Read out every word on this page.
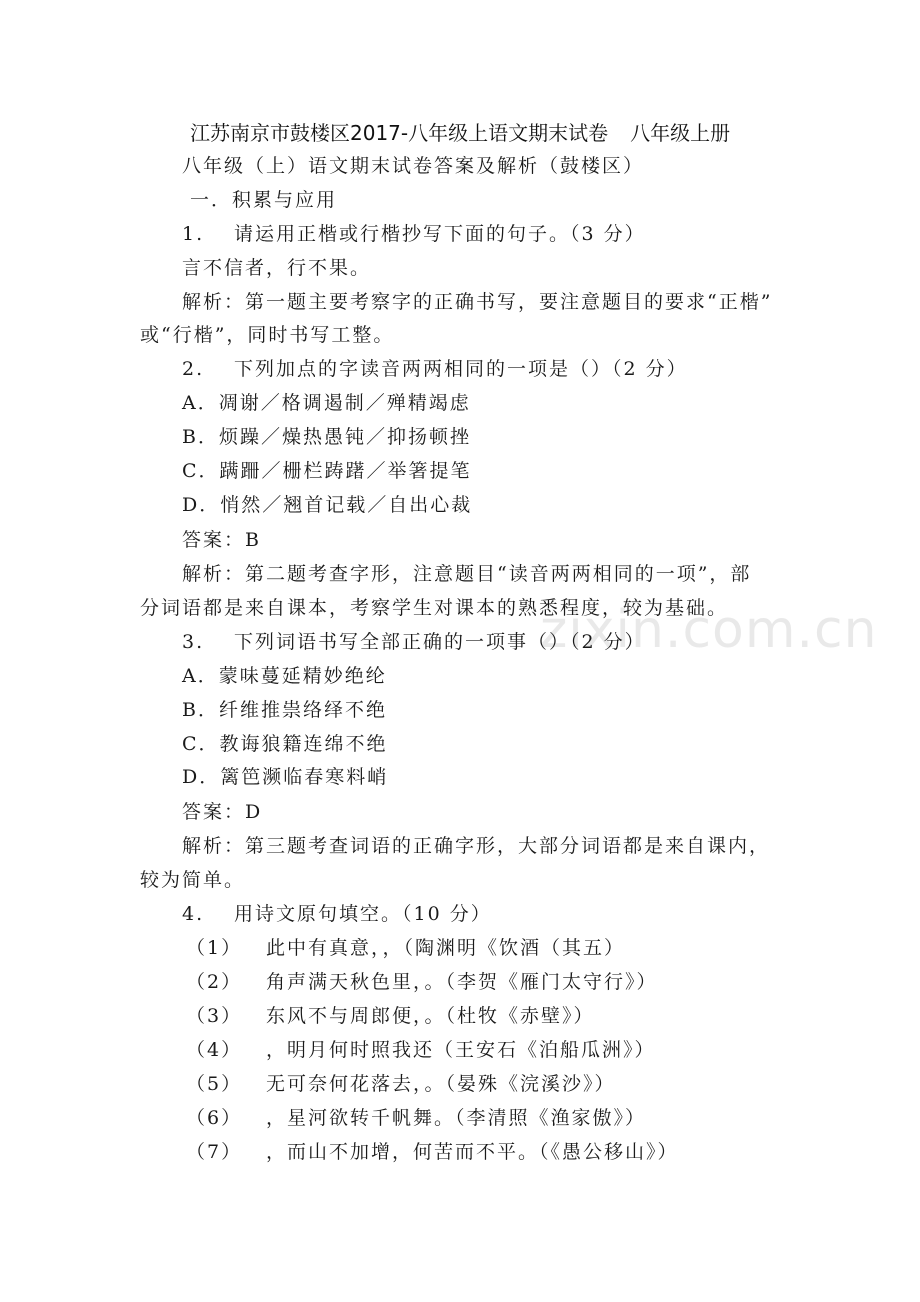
江苏南京市鼓楼区2017-八年级上语文期末试卷 八年级上册
zixin.com.cn
八年级（上）语文期末试卷答案及解析（鼓楼区）
一．积累与应用
1. 请运用正楷或行楷抄写下面的句子。（3 分）
言不信者，行不果。
解析：第一题主要考察字的正确书写，要注意题目的要求“正楷”
或“行楷”，同时书写工整。
2. 下列加点的字读音两两相同的一项是（）（2 分）
A．凋谢／格调遏制／殚精竭虑
B．烦躁／燥热愚钝／抑扬顿挫
C．蹒跚／栅栏踌躇／举箸提笔
D．悄然／翘首记载／自出心裁
答案：B
解析：第二题考查字形，注意题目“读音两两相同的一项”，部
分词语都是来自课本，考察学生对课本的熟悉程度，较为基础。
3. 下列词语书写全部正确的一项事（）（2 分）
A．蒙味蔓延精妙绝纶
B．纤维推祟络绎不绝
C．教诲狼籍连绵不绝
D．篱笆濒临春寒料峭
答案：D
解析：第三题考查词语的正确字形，大部分词语都是来自课内，
较为简单。
4. 用诗文原句填空。（10 分）
（1） 此中有真意，，（陶渊明《饮酒（其五）
（2） 角声满天秋色里，。（李贺《雁门太守行》）
（3） 东风不与周郎便，。（杜牧《赤壁》）
（4） ，明月何时照我还（王安石《泊船瓜洲》）
（5） 无可奈何花落去，。（晏殊《浣溪沙》）
（6） ，星河欲转千帆舞。（李清照《渔家傲》）
（7） ，而山不加增，何苦而不平。（《愚公移山》）
